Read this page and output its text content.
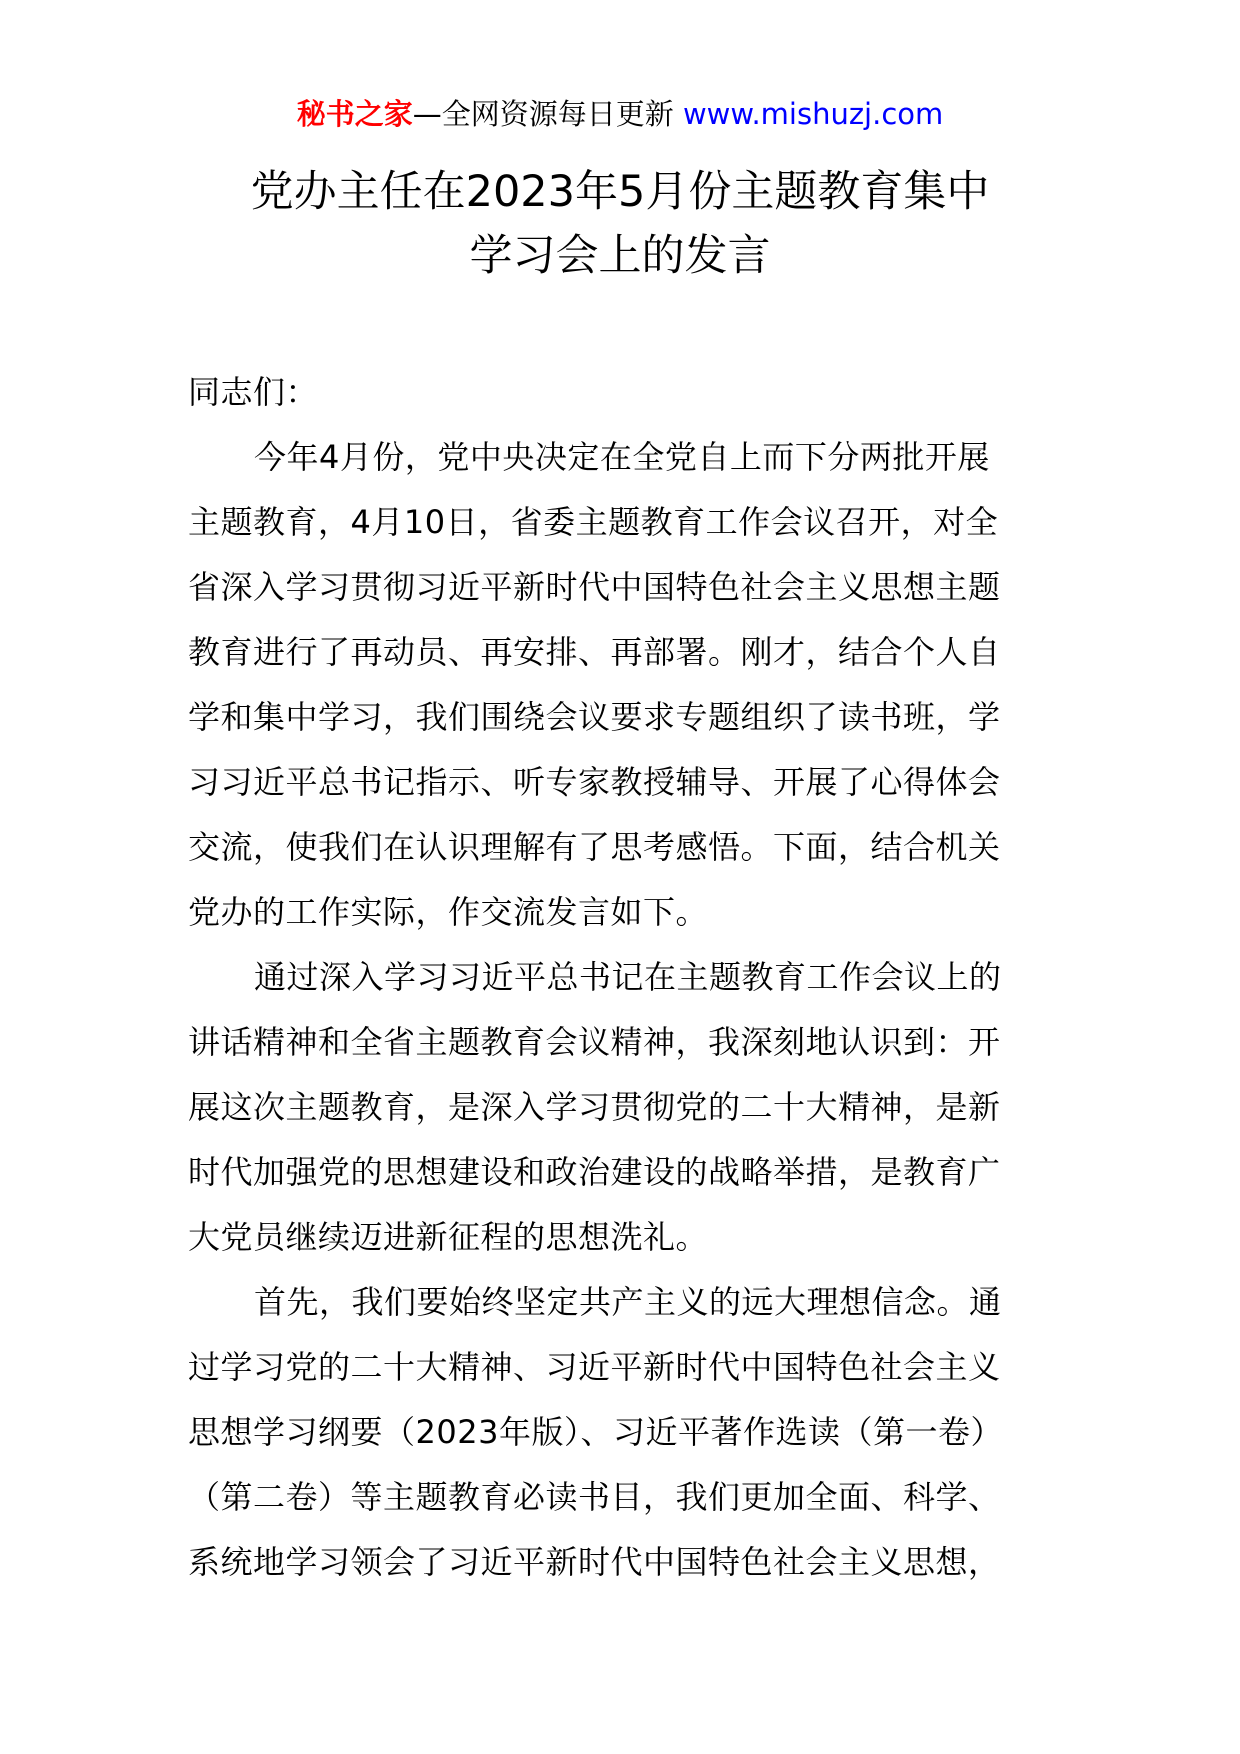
秘书之家—全网资源每日更新 www.mishuzj.com
党办主任在2023年5月份主题教育集中
学习会上的发言
同志们：
今年4月份，党中央决定在全党自上而下分两批开展
主题教育，4月10日，省委主题教育工作会议召开，对全
省深入学习贯彻习近平新时代中国特色社会主义思想主题
教育进行了再动员、再安排、再部署。刚才，结合个人自
学和集中学习，我们围绕会议要求专题组织了读书班，学
习习近平总书记指示、听专家教授辅导、开展了心得体会
交流，使我们在认识理解有了思考感悟。下面，结合机关
党办的工作实际，作交流发言如下。
通过深入学习习近平总书记在主题教育工作会议上的
讲话精神和全省主题教育会议精神，我深刻地认识到：开
展这次主题教育，是深入学习贯彻党的二十大精神，是新
时代加强党的思想建设和政治建设的战略举措，是教育广
大党员继续迈进新征程的思想洗礼。
首先，我们要始终坚定共产主义的远大理想信念。通
过学习党的二十大精神、习近平新时代中国特色社会主义
思想学习纲要（2023年版）、习近平著作选读（第一卷）
（第二卷）等主题教育必读书目，我们更加全面、科学、
系统地学习领会了习近平新时代中国特色社会主义思想，
